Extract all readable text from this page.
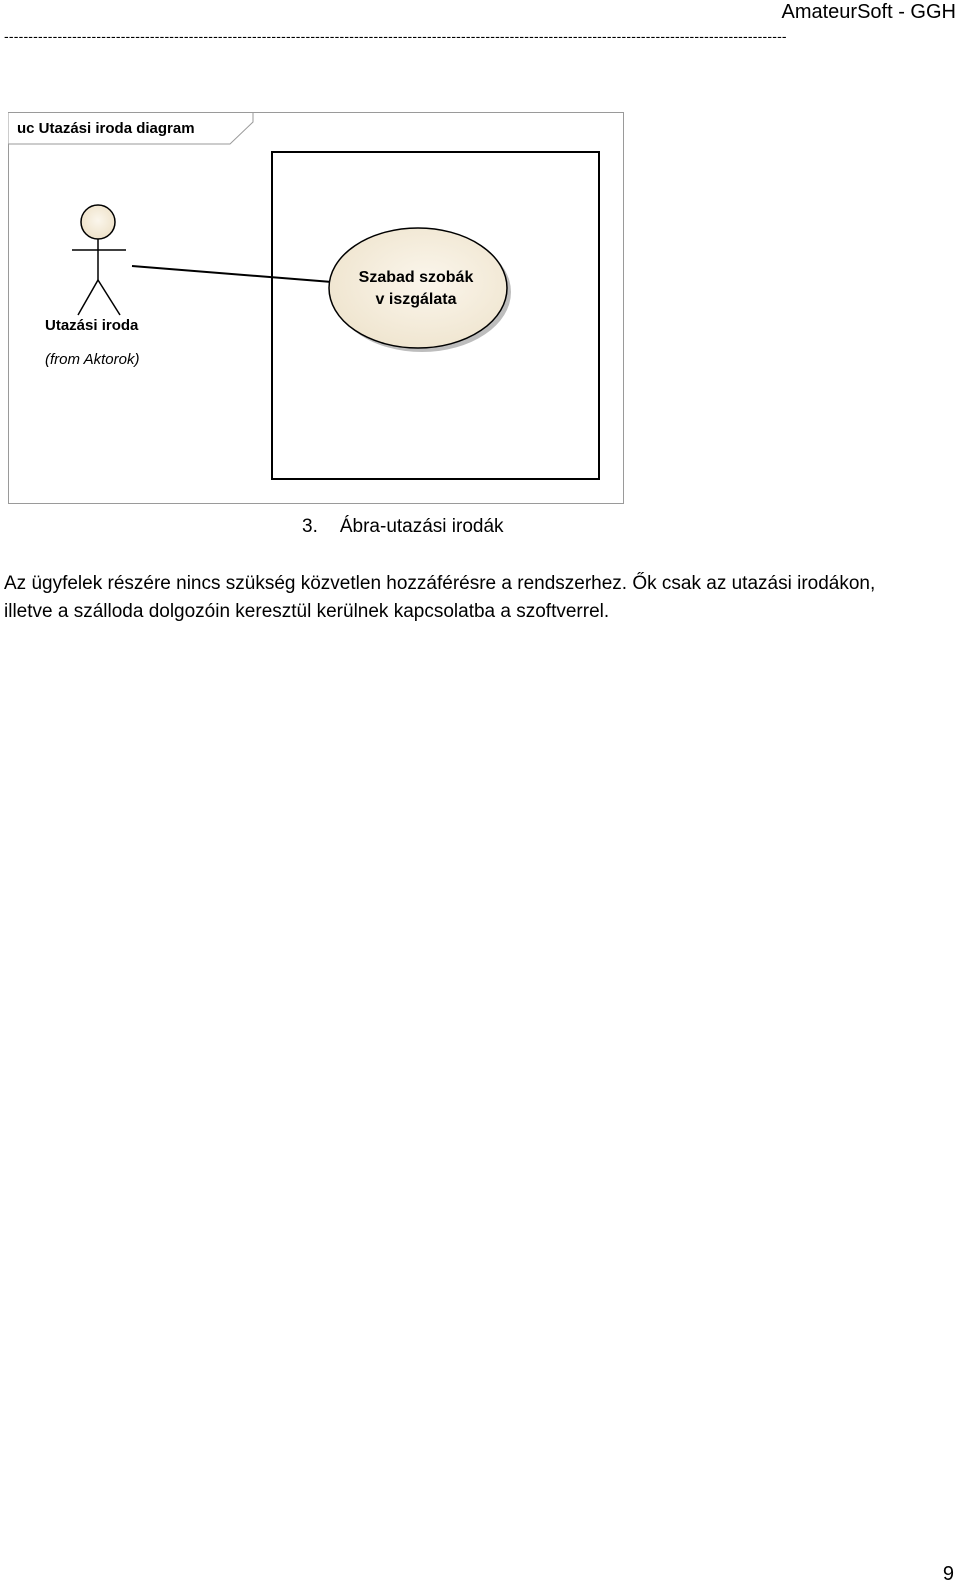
AmateurSoft - GGH
-----------------------------------------------------------------------------------------------------------------------------------------------------------------
uc Utazási iroda diagram
Utazási iroda
(from Aktorok)
Szabad szobák
v iszgálata
3. Ábra-utazási irodák
Az ügyfelek részére nincs szükség közvetlen hozzáférésre a rendszerhez. Ők csak az utazási irodákon,
illetve a szálloda dolgozóin keresztül kerülnek kapcsolatba a szoftverrel.
9
